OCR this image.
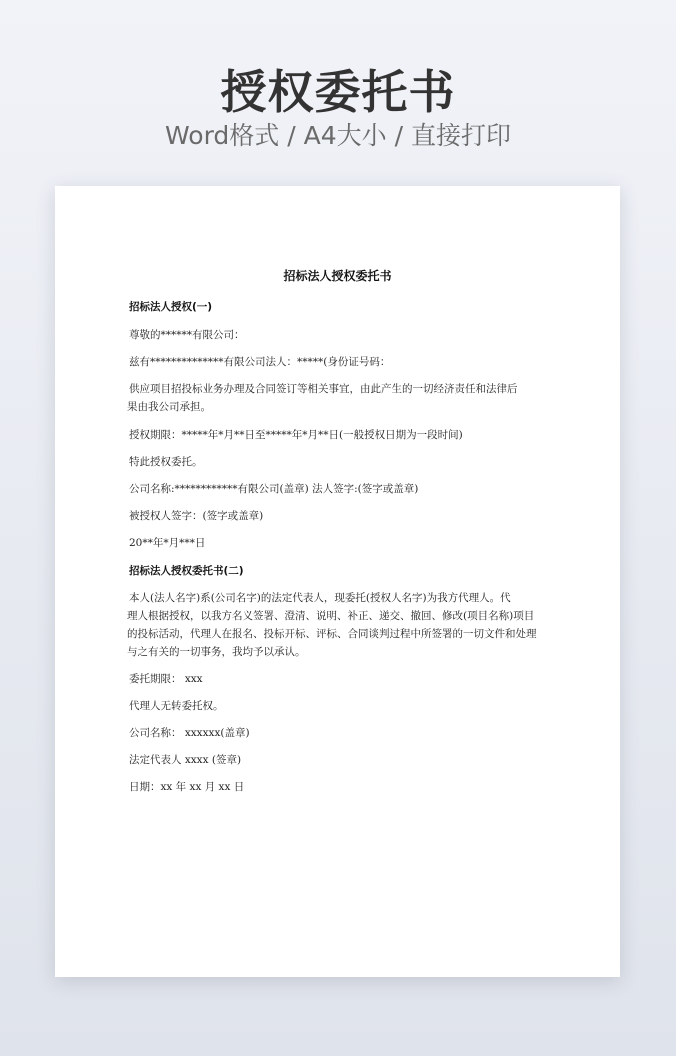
授权委托书
Word格式 / A4大小 / 直接打印
招标法人授权委托书
招标法人授权(一)
尊敬的******有限公司：
兹有**************有限公司法人：*****(身份证号码：
供应项目招投标业务办理及合同签订等相关事宜，由此产生的一切经济责任和法律后
果由我公司承担。
授权期限：*****年*月**日至*****年*月**日(一般授权日期为一段时间)
特此授权委托。
公司名称:************有限公司(盖章) 法人签字:(签字或盖章)
被授权人签字：(签字或盖章)
20**年*月***日
招标法人授权委托书(二)
本人(法人名字)系(公司名字)的法定代表人，现委托(授权人名字)为我方代理人。代
理人根据授权，以我方名义签署、澄清、说明、补正、递交、撤回、修改(项目名称)项目
的投标活动，代理人在报名、投标开标、评标、合同谈判过程中所签署的一切文件和处理
与之有关的一切事务，我均予以承认。
委托期限： xxx
代理人无转委托权。
公司名称： xxxxxx(盖章)
法定代表人 xxxx (签章)
日期：xx 年 xx 月 xx 日
